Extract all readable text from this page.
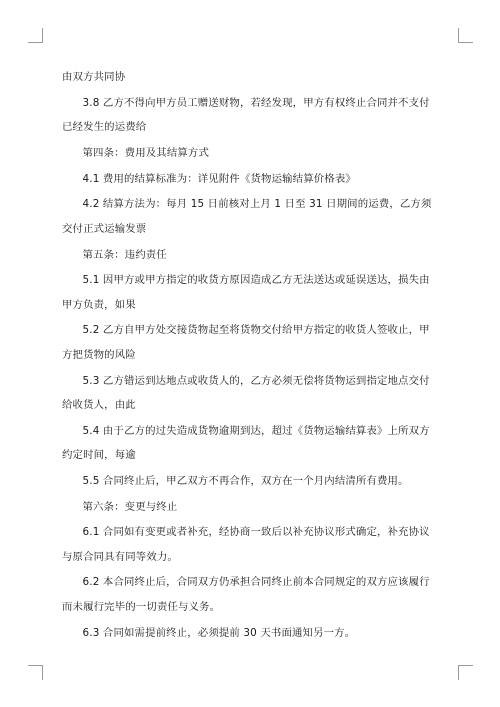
由双方共同协

3.8 乙方不得向甲方员工赠送财物，若经发现，甲方有权终止合同并不支付已经发生的运费给

第四条：费用及其结算方式

4.1 费用的结算标准为：详见附件《货物运输结算价格表》

4.2 结算方法为：每月 15 日前核对上月 1 日至 31 日期间的运费，乙方须交付正式运输发票

第五条：违约责任

5.1 因甲方或甲方指定的收货方原因造成乙方无法送达或延误送达，损失由甲方负责，如果

5.2 乙方自甲方处交接货物起至将货物交付给甲方指定的收货人签收止，甲方把货物的风险

5.3 乙方错运到达地点或收货人的，乙方必须无偿将货物运到指定地点交付给收货人，由此

5.4 由于乙方的过失造成货物逾期到达，超过《货物运输结算表》上所双方约定时间，每逾

5.5 合同终止后，甲乙双方不再合作，双方在一个月内结清所有费用。

第六条：变更与终止

6.1 合同如有变更或者补充，经协商一致后以补充协议形式确定，补充协议与原合同具有同等效力。

6.2 本合同终止后，合同双方仍承担合同终止前本合同规定的双方应该履行而未履行完毕的一切责任与义务。

6.3 合同如需提前终止，必须提前 30 天书面通知另一方。
